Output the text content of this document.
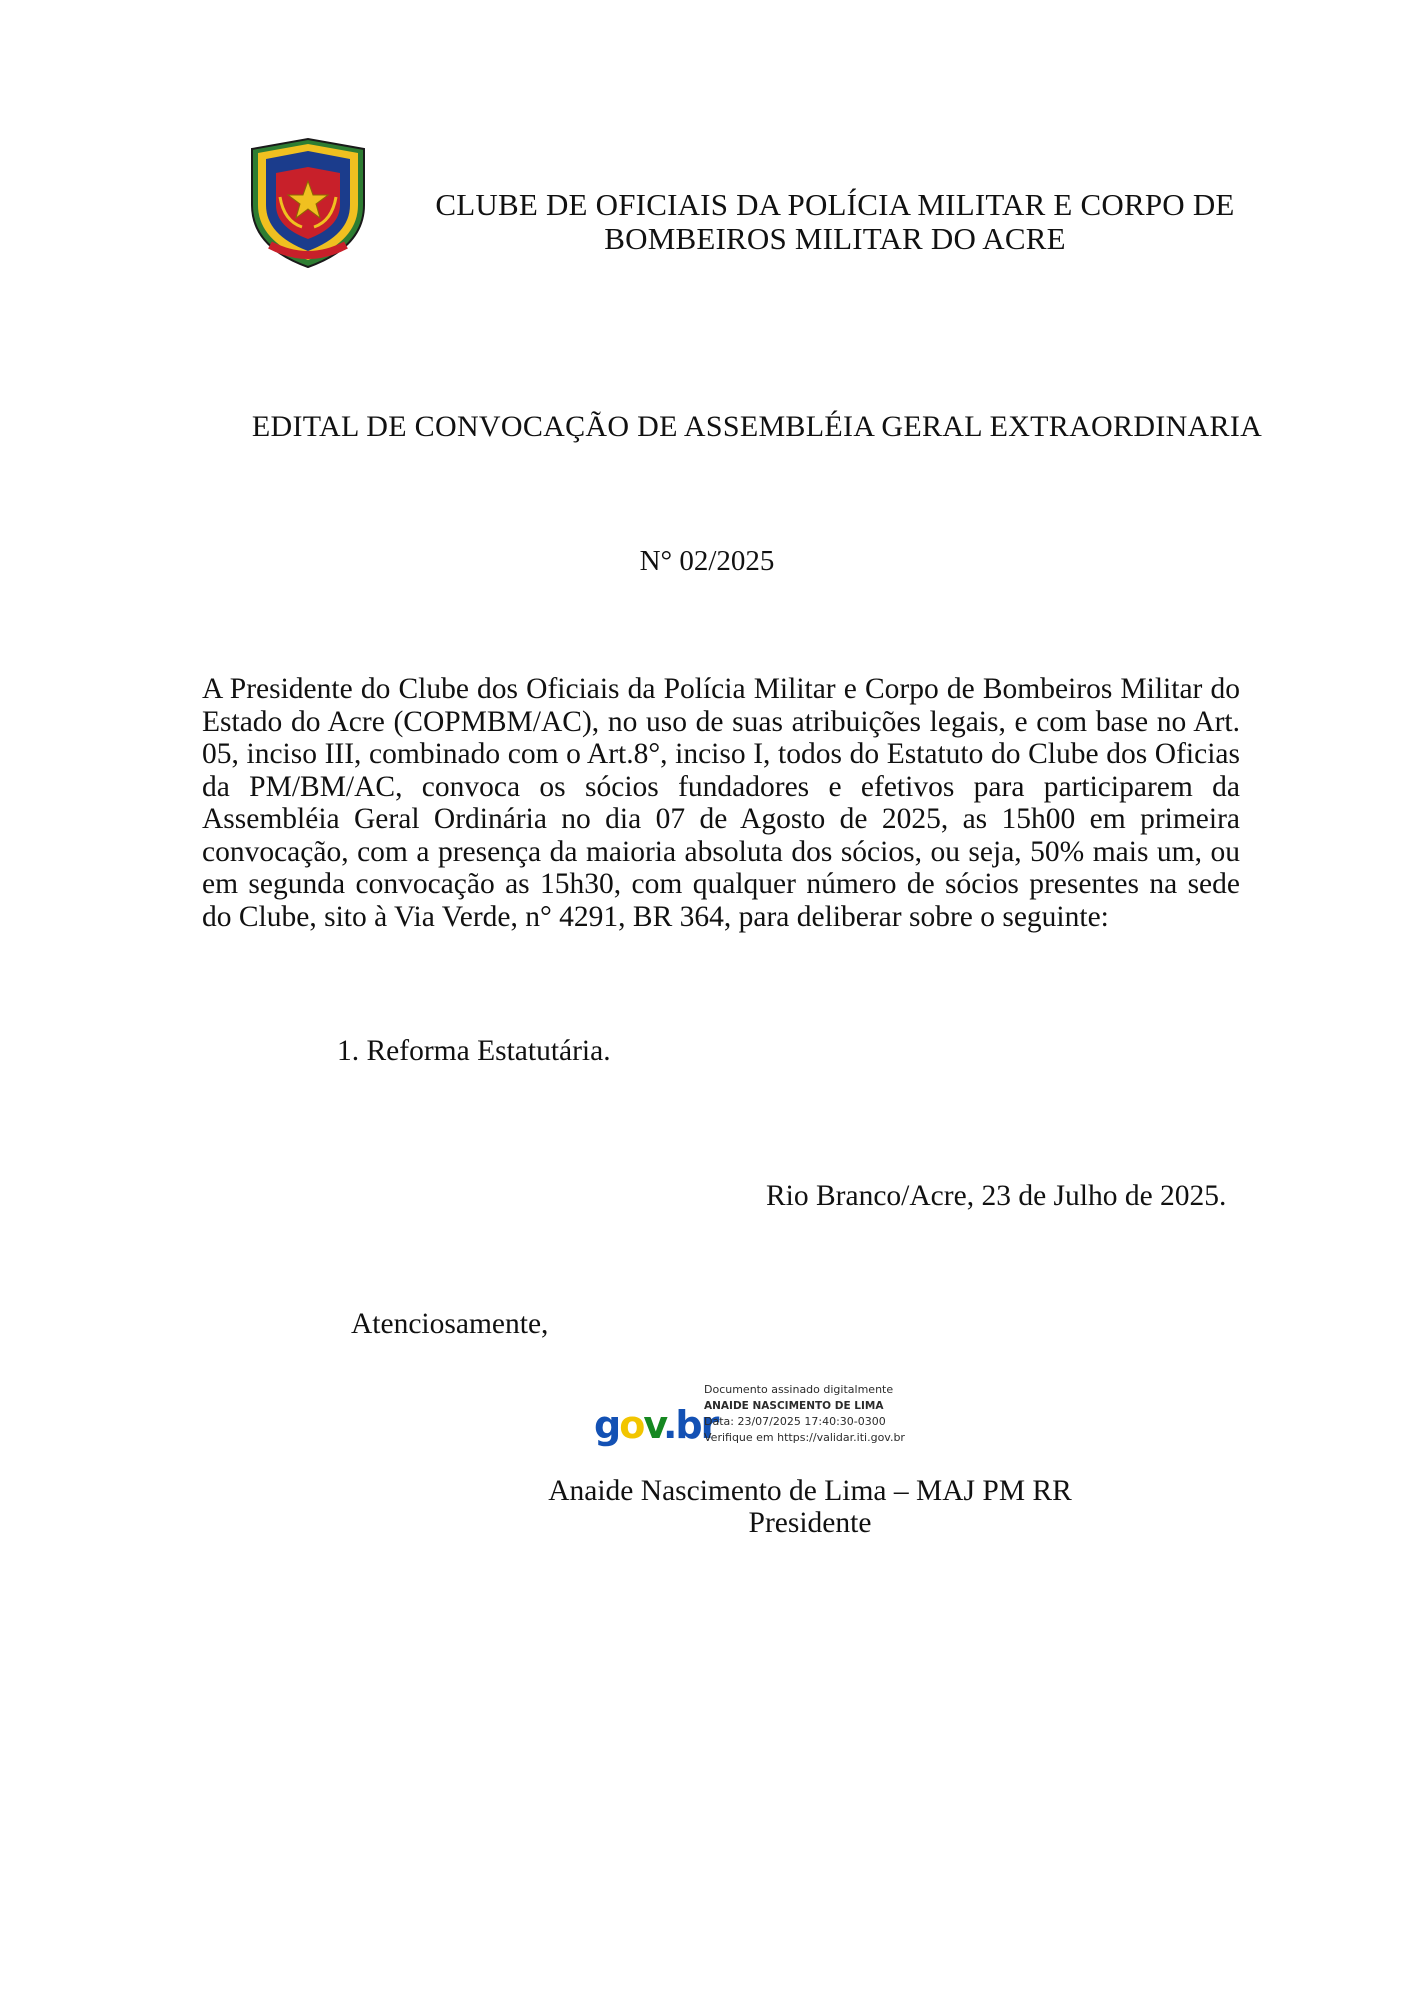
CLUBE DE OFICIAIS DA POLÍCIA MILITAR E CORPO DE
BOMBEIROS MILITAR DO ACRE
EDITAL DE CONVOCAÇÃO DE ASSEMBLÉIA GERAL EXTRAORDINARIA
N° 02/2025
A Presidente do Clube dos Oficiais da Polícia Militar e Corpo de Bombeiros Militar do Estado do Acre (COPMBM/AC), no uso de suas atribuições legais, e com base no Art. 05, inciso III, combinado com o Art.8°, inciso I, todos do Estatuto do Clube dos Oficias da PM/BM/AC, convoca os sócios fundadores e efetivos para participarem da Assembléia Geral Ordinária no dia 07 de Agosto de 2025, as 15h00 em primeira convocação, com a presença da maioria absoluta dos sócios, ou seja, 50% mais um, ou em segunda convocação as 15h30, com qualquer número de sócios presentes na sede do Clube, sito à Via Verde, n° 4291, BR 364, para deliberar sobre o seguinte:
1. Reforma Estatutária.
Rio Branco/Acre, 23 de Julho de 2025.
Atenciosamente,
gov.br
Documento assinado digitalmente
ANAIDE NASCIMENTO DE LIMA
Data: 23/07/2025 17:40:30-0300
Verifique em https://validar.iti.gov.br
Anaide Nascimento de Lima – MAJ PM RR
Presidente
